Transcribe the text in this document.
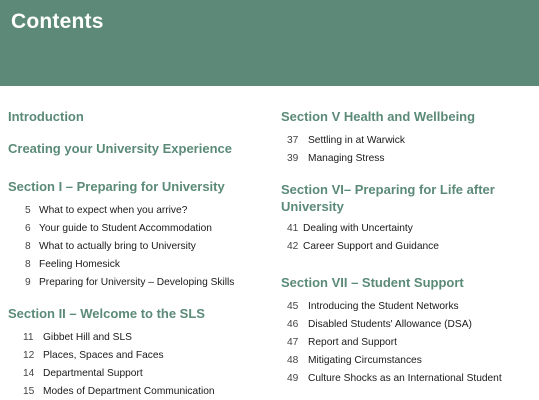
Contents

Introduction

Creating your University Experience

Section I – Preparing for University

5 What to expect when you arrive?
6 Your guide to Student Accommodation
8 What to actually bring to University
8 Feeling Homesick
9 Preparing for University – Developing Skills

Section II – Welcome to the SLS

11 Gibbet Hill and SLS
12 Places, Spaces and Faces
14 Departmental Support
15 Modes of Department Communication

Section V Health and Wellbeing

37 Settling in at Warwick
39 Managing Stress

Section VI– Preparing for Life after

University

41 Dealing with Uncertainty
42 Career Support and Guidance

Section VII – Student Support

45 Introducing the Student Networks
46 Disabled Students' Allowance (DSA)
47 Report and Support
48 Mitigating Circumstances
49 Culture Shocks as an International Student
